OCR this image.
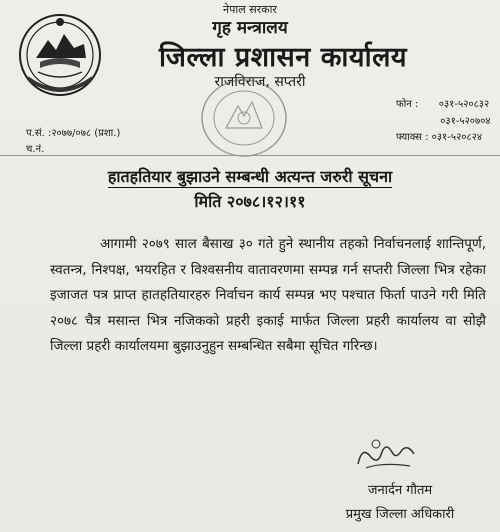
नेपाल सरकार
गृह मन्त्रालय
जिल्ला प्रशासन कार्यालय
राजविराज, सप्तरी
फोन : ०३१-५२०८३२
०३१-५२०७०४
फ्याक्स : ०३१-५२०८२४
प.सं. :२०७७/०७८ (प्रशा.)
च.नं.
हातहतियार बुझाउने सम्बन्धी अत्यन्त जरुरी सूचना
मिति २०७८।१२।११
आगामी २०७९ साल बैसाख ३० गते हुने स्थानीय तहको निर्वाचनलाई शान्तिपूर्ण, स्वतन्त्र, निश्पक्ष, भयरहित र विश्वसनीय वातावरणमा सम्पन्न गर्न सप्तरी जिल्ला भित्र रहेका इजाजत पत्र प्राप्त हातहतियारहरु निर्वाचन कार्य सम्पन्न भए पश्चात फिर्ता पाउने गरी मिति २०७८ चैत्र मसान्त भित्र नजिकको प्रहरी इकाई मार्फत जिल्ला प्रहरी कार्यालय वा सोझै जिल्ला प्रहरी कार्यालयमा बुझाउनुहुन सम्बन्धित सबैमा सूचित गरिन्छ।
जनार्दन गौतम
प्रमुख जिल्ला अधिकारी
